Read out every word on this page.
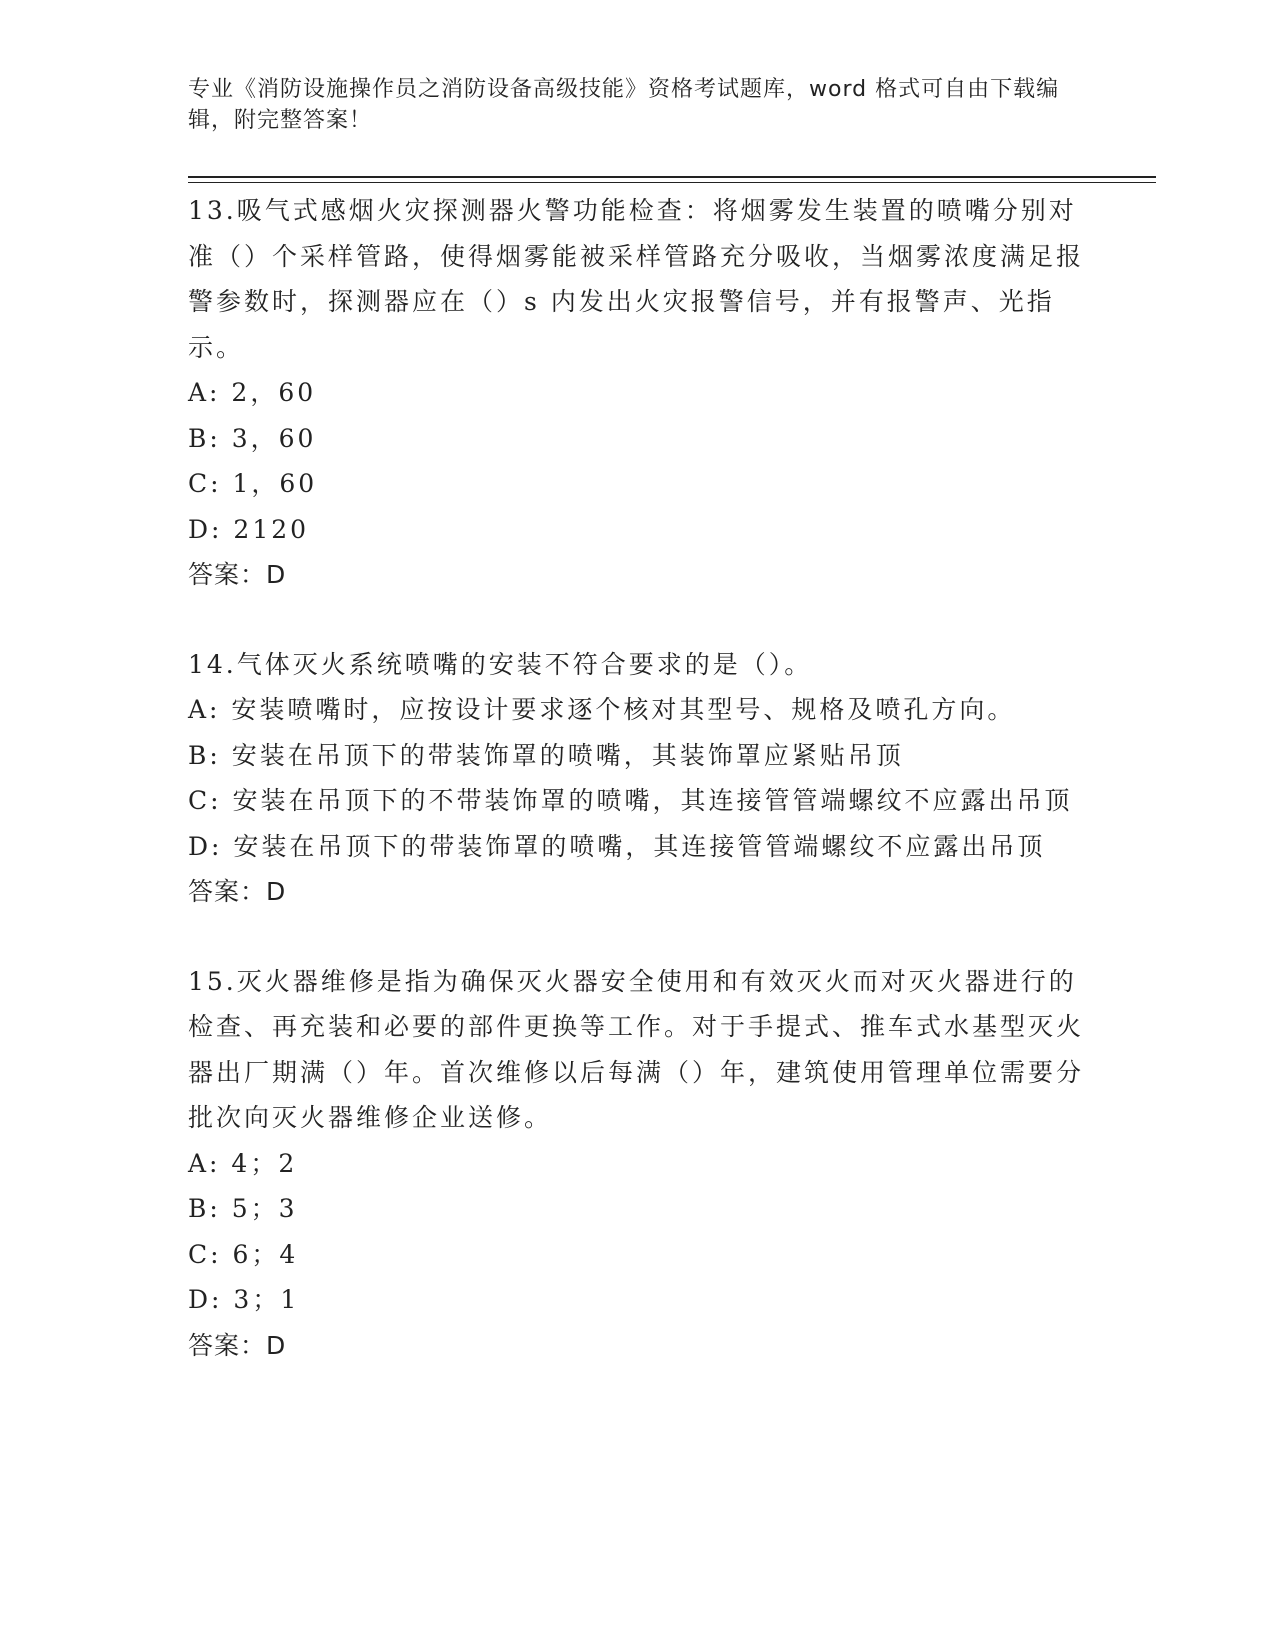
专业《消防设施操作员之消防设备高级技能》资格考试题库，word 格式可自由下载编辑，附完整答案！
13.吸气式感烟火灾探测器火警功能检查：将烟雾发生装置的喷嘴分别对准（）个采样管路，使得烟雾能被采样管路充分吸收，当烟雾浓度满足报警参数时，探测器应在（）s 内发出火灾报警信号，并有报警声、光指示。
A: 2，60
B: 3，60
C: 1，60
D: 2120
答案：D
14.气体灭火系统喷嘴的安装不符合要求的是（）。
A: 安装喷嘴时，应按设计要求逐个核对其型号、规格及喷孔方向。
B: 安装在吊顶下的带装饰罩的喷嘴，其装饰罩应紧贴吊顶
C: 安装在吊顶下的不带装饰罩的喷嘴，其连接管管端螺纹不应露出吊顶
D: 安装在吊顶下的带装饰罩的喷嘴，其连接管管端螺纹不应露出吊顶
答案：D
15.灭火器维修是指为确保灭火器安全使用和有效灭火而对灭火器进行的检查、再充装和必要的部件更换等工作。对于手提式、推车式水基型灭火器出厂期满（）年。首次维修以后每满（）年，建筑使用管理单位需要分批次向灭火器维修企业送修。
A: 4；2
B: 5；3
C: 6；4
D: 3；1
答案：D
